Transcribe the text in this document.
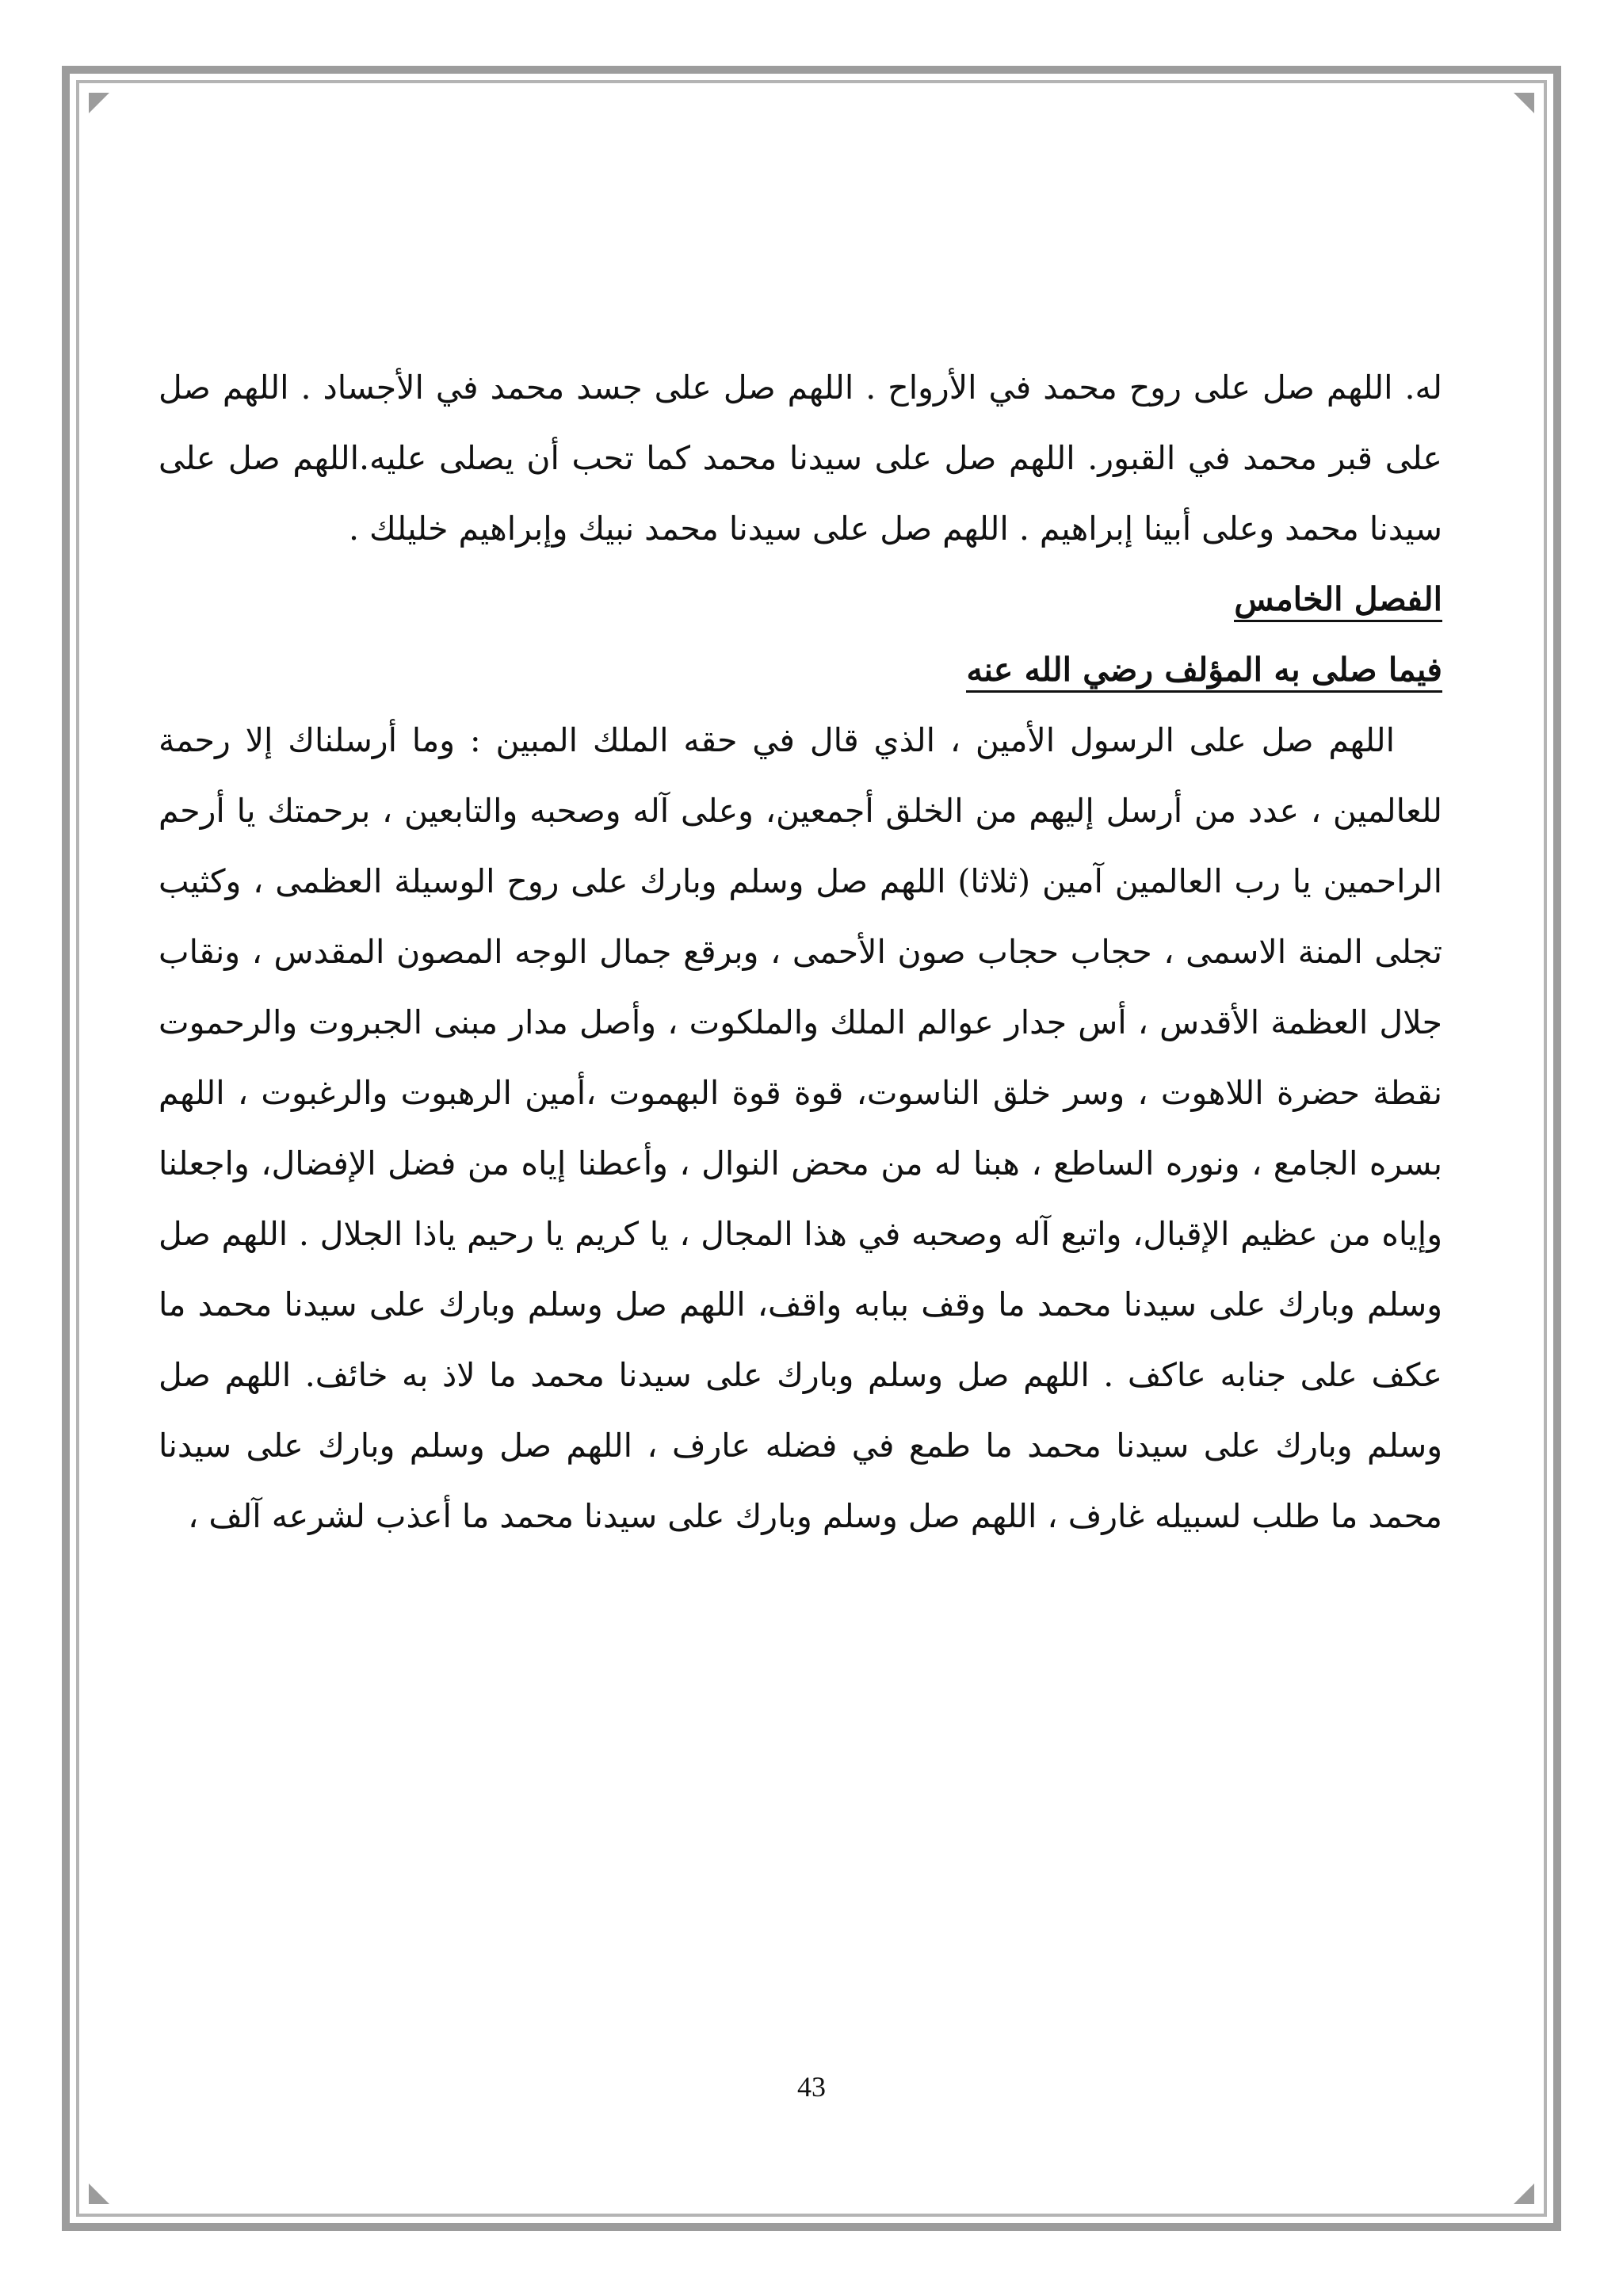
له. اللهم صل على روح محمد في الأرواح . اللهم صل على جسد محمد في الأجساد . اللهم صل على قبر محمد في القبور. اللهم صل على سيدنا محمد كما تحب أن يصلى عليه.اللهم صل على سيدنا محمد وعلى أبينا إبراهيم . اللهم صل على سيدنا محمد نبيك وإبراهيم خليلك .

الفصل الخامس
فيما صلى به المؤلف رضي الله عنه

اللهم صل على الرسول الأمين ، الذي قال في حقه الملك المبين : وما أرسلناك إلا رحمة للعالمين ، عدد من أرسل إليهم من الخلق أجمعين، وعلى آله وصحبه والتابعين ، برحمتك يا أرحم الراحمين يا رب العالمين آمين (ثلاثا) اللهم صل وسلم وبارك على روح الوسيلة العظمى ، وكثيب تجلى المنة الاسمى ، حجاب حجاب صون الأحمى ، وبرقع جمال الوجه المصون المقدس ، ونقاب جلال العظمة الأقدس ، أس جدار عوالم الملك والملكوت ، وأصل مدار مبنى الجبروت والرحموت نقطة حضرة اللاهوت ، وسر خلق الناسوت، قوة قوة البهموت ،أمين الرهبوت والرغبوت ، اللهم بسره الجامع ، ونوره الساطع ، هبنا له من محض النوال ، وأعطنا إياه من فضل الإفضال، واجعلنا وإياه من عظيم الإقبال، واتبع آله وصحبه في هذا المجال ، يا كريم يا رحيم ياذا الجلال . اللهم صل وسلم وبارك على سيدنا محمد ما وقف ببابه واقف، اللهم صل وسلم وبارك على سيدنا محمد ما عكف على جنابه عاكف . اللهم صل وسلم وبارك على سيدنا محمد ما لاذ به خائف. اللهم صل وسلم وبارك على سيدنا محمد ما طمع في فضله عارف ، اللهم صل وسلم وبارك على سيدنا محمد ما طلب لسبيله غارف ، اللهم صل وسلم وبارك على سيدنا محمد ما أعذب لشرعه آلف ،

43
